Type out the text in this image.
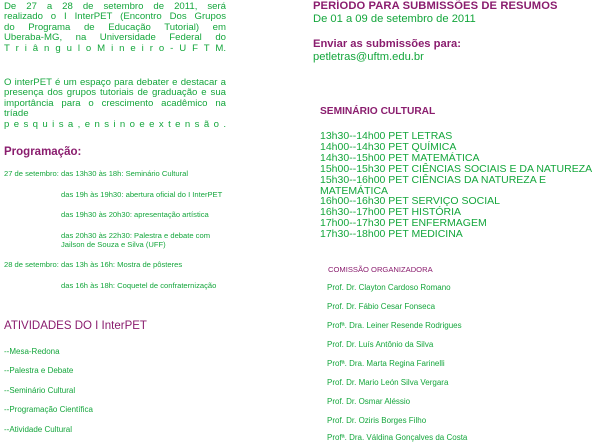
De 27 a 28 de setembro de 2011, será
realizado o I InterPET (Encontro Dos Grupos
do Programa de Educação Tutorial) em
Uberaba-MG, na Universidade Federal do
T r i â n g u l o M i n e i r o - U F T M.
O interPET é um espaço para debater e destacar a
presença dos grupos tutoriais de graduação e sua
importância para o crescimento acadêmico na tríade
p e s q u i s a , e n s i n o e e x t e n s ã o .
Programação:
27 de setembro: das 13h30 às 18h: Seminário Cultural
das 19h às 19h30: abertura oficial do I InterPET
das 19h30 às 20h30: apresentação artística
das 20h30 às 22h30: Palestra e debate com
Jailson de Souza e Silva (UFF)
28 de setembro: das 13h às 16h: Mostra de pôsteres
das 16h às 18h: Coquetel de confraternização
ATIVIDADES DO I InterPET
--Mesa-Redona
--Palestra e Debate
--Seminário Cultural
--Programação Científica
--Atividade Cultural
PERÍODO PARA SUBMISSÕES DE RESUMOS
De 01 a 09 de setembro de 2011
Enviar as submissões para:
petletras@uftm.edu.br
SEMINÁRIO CULTURAL
13h30--14h00 PET LETRAS
14h00--14h30 PET QUÍMICA
14h30--15h00 PET MATEMÁTICA
15h00--15h30 PET CIÊNCIAS SOCIAIS E DA NATUREZA
15h30--16h00 PET CIÊNCIAS DA NATUREZA E MATEMÁTICA
16h00--16h30 PET SERVIÇO SOCIAL
16h30--17h00 PET HISTÓRIA
17h00--17h30 PET ENFERMAGEM
17h30--18h00 PET MEDICINA
COMISSÃO ORGANIZADORA
Prof. Dr. Clayton Cardoso Romano
Prof. Dr. Fábio Cesar Fonseca
Profª. Dra. Leiner Resende Rodrigues
Prof. Dr. Luís Antônio da Silva
Profª. Dra. Marta Regina Farinelli
Prof. Dr. Mario León Silva Vergara
Prof. Dr. Osmar Aléssio
Prof. Dr. Oziris Borges Filho
Profª. Dra. Váldina Gonçalves da Costa
